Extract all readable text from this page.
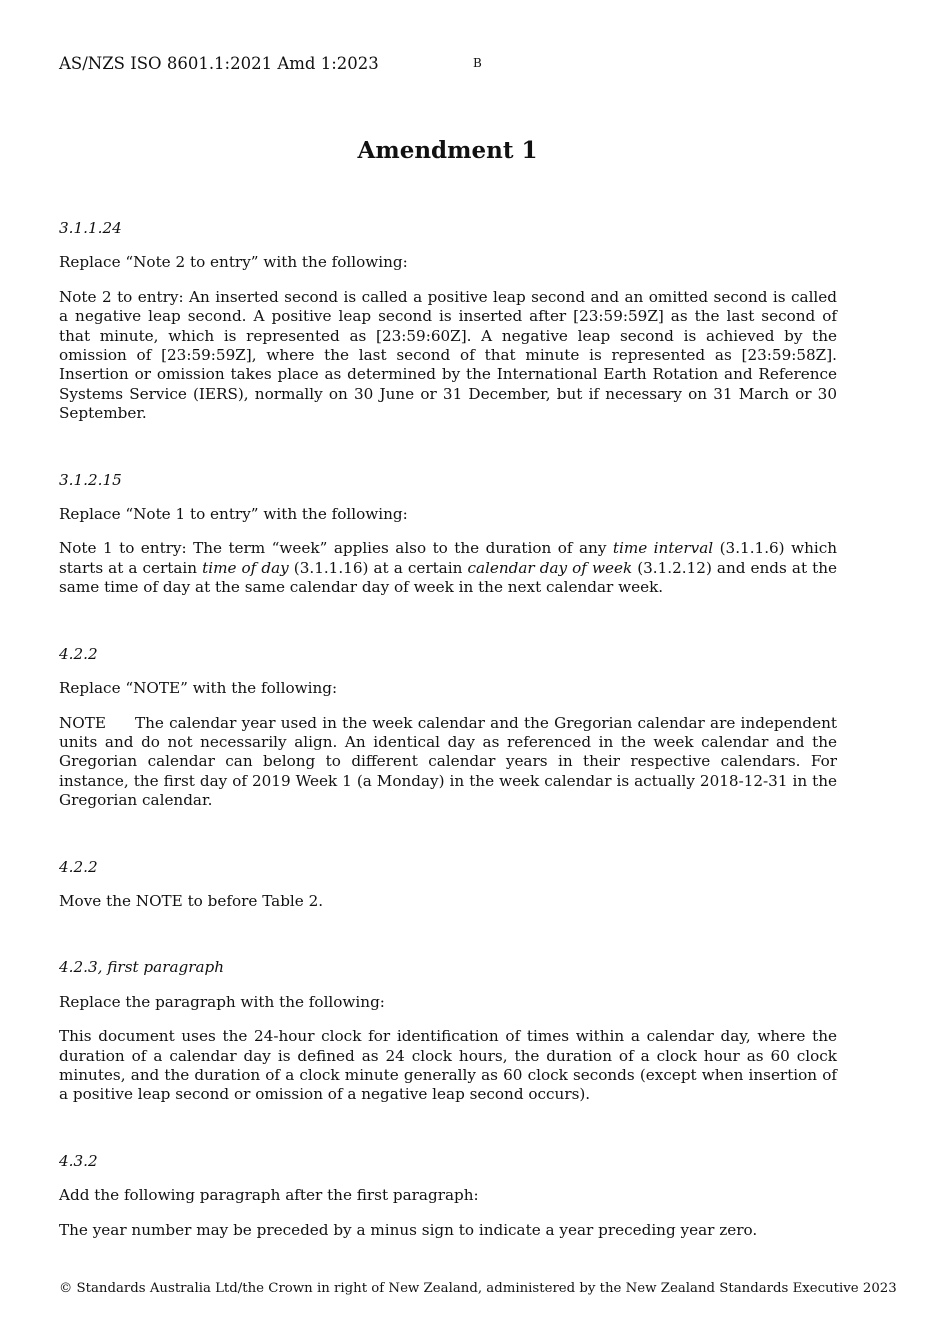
AS/NZS ISO 8601.1:2021 Amd 1:2023	B
Amendment 1

3.1.1.24

Replace “Note 2 to entry” with the following:

Note 2 to entry: An inserted second is called a positive leap second and an omitted second is called a negative leap second. A positive leap second is inserted after [23:59:59Z] as the last second of that minute, which is represented as [23:59:60Z]. A negative leap second is achieved by the omission of [23:59:59Z], where the last second of that minute is represented as [23:59:58Z]. Insertion or omission takes place as determined by the International Earth Rotation and Reference Systems Service (IERS), normally on 30 June or 31 December, but if necessary on 31 March or 30 September.

3.1.2.15

Replace “Note 1 to entry” with the following:

Note 1 to entry: The term “week” applies also to the duration of any time interval (3.1.1.6) which starts at a certain time of day (3.1.1.16) at a certain calendar day of week (3.1.2.12) and ends at the same time of day at the same calendar day of week in the next calendar week.

4.2.2

Replace “NOTE” with the following:

NOTE The calendar year used in the week calendar and the Gregorian calendar are independent units and do not necessarily align. An identical day as referenced in the week calendar and the Gregorian calendar can belong to different calendar years in their respective calendars. For instance, the first day of 2019 Week 1 (a Monday) in the week calendar is actually 2018-12-31 in the Gregorian calendar.

4.2.2

Move the NOTE to before Table 2.

4.2.3, first paragraph

Replace the paragraph with the following:

This document uses the 24-hour clock for identification of times within a calendar day, where the duration of a calendar day is defined as 24 clock hours, the duration of a clock hour as 60 clock minutes, and the duration of a clock minute generally as 60 clock seconds (except when insertion of a positive leap second or omission of a negative leap second occurs).

4.3.2

Add the following paragraph after the first paragraph:

The year number may be preceded by a minus sign to indicate a year preceding year zero.

© Standards Australia Ltd/the Crown in right of New Zealand, administered by the New Zealand Standards Executive 2023
